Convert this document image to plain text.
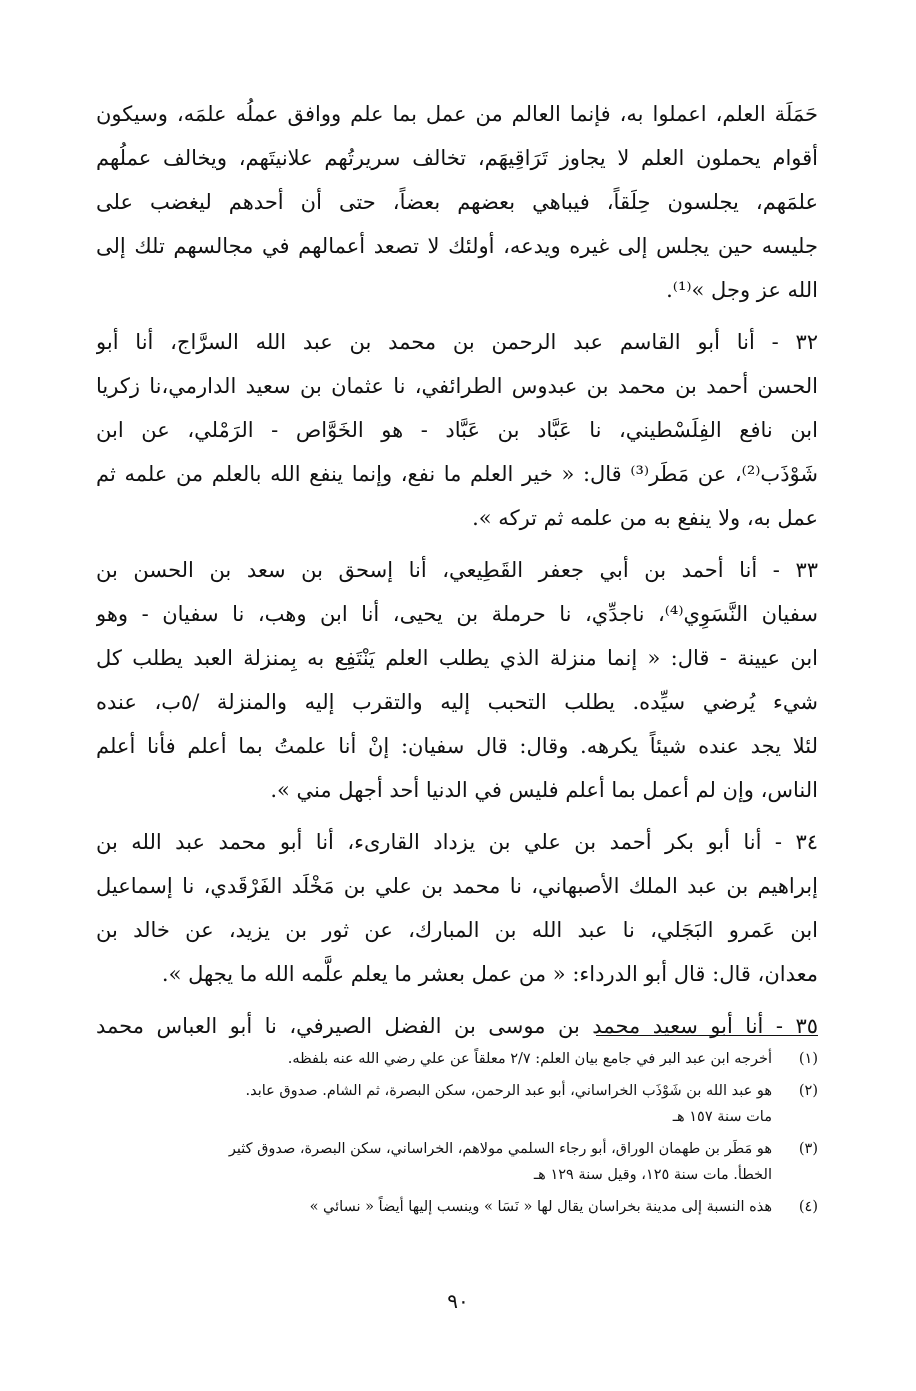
حَمَلَة العلم، اعملوا به، فإنما العالم من عمل بما علم ووافق عملُه علمَه، وسيكون
أقوام يحملون العلم لا يجاوز تَرَاقِيهَم، تخالف سريرتُهم علانيتَهم، ويخالف عملُهم
علمَهم، يجلسون حِلَقاً، فيباهي بعضهم بعضاً، حتى أن أحدهم ليغضب على
جليسه حين يجلس إلى غيره ويدعه، أولئك لا تصعد أعمالهم في مجالسهم تلك إلى
الله عز وجل »⁽¹⁾.
٣٢ - أنا أبو القاسم عبد الرحمن بن محمد بن عبد الله السرَّاج، أنا أبو
الحسن أحمد بن محمد بن عبدوس الطرائفي، نا عثمان بن سعيد الدارمي،نا زكريا
ابن نافع الفِلَسْطيني، نا عَبَّاد بن عَبَّاد - هو الخَوَّاص - الرَمْلي، عن ابن
شَوْذَب⁽²⁾، عن مَطَر⁽³⁾ قال: « خير العلم ما نفع، وإنما ينفع الله بالعلم من علمه ثم
عمل به، ولا ينفع به من علمه ثم تركه ».
٣٣ - أنا أحمد بن أبي جعفر القَطِيعي، أنا إسحق بن سعد بن الحسن بن
سفيان النَّسَوِي⁽⁴⁾، ناجدِّي، نا حرملة بن يحيى، أنا ابن وهب، نا سفيان - وهو
ابن عيينة - قال: « إنما منزلة الذي يطلب العلم يَنْتَفِع به بِمنزلة العبد يطلب كل
شيء يُرضي سيِّده. يطلب التحبب إليه والتقرب إليه والمنزلة /٥ب، عنده
لئلا يجد عنده شيئاً يكرهه. وقال: قال سفيان: إنْ أنا علمتُ بما أعلم فأنا أعلم
الناس، وإن لم أعمل بما أعلم فليس في الدنيا أحد أجهل مني ».
٣٤ - أنا أبو بكر أحمد بن علي بن يزداد القارىء، أنا أبو محمد عبد الله بن
إبراهيم بن عبد الملك الأصبهاني، نا محمد بن علي بن مَخْلَد الفَرْقَدي، نا إسماعيل
ابن عَمرو البَجَلي، نا عبد الله بن المبارك، عن ثور بن يزيد، عن خالد بن
معدان، قال: قال أبو الدرداء: « من عمل بعشر ما يعلم علَّمه الله ما يجهل ».
٣٥ - أنا أبو سعيد محمد بن موسى بن الفضل الصيرفي، نا أبو العباس محمد
(١)
أخرجه ابن عبد البر في جامع بيان العلم: ٢/٧ معلقاً عن علي رضي الله عنه بلفظه.
(٢)
هو عبد الله بن شَوْذَب الخراساني، أبو عبد الرحمن، سكن البصرة، ثم الشام. صدوق عابد.
مات سنة ١٥٧ هـ
(٣)
هو مَطَر بن طهمان الوراق، أبو رجاء السلمي مولاهم، الخراساني، سكن البصرة، صدوق كثير
الخطأ. مات سنة ١٢٥، وقيل سنة ١٢٩ هـ
(٤)
هذه النسبة إلى مدينة بخراسان يقال لها « نَسَا » وينسب إليها أيضاً « نسائي »
٩٠
